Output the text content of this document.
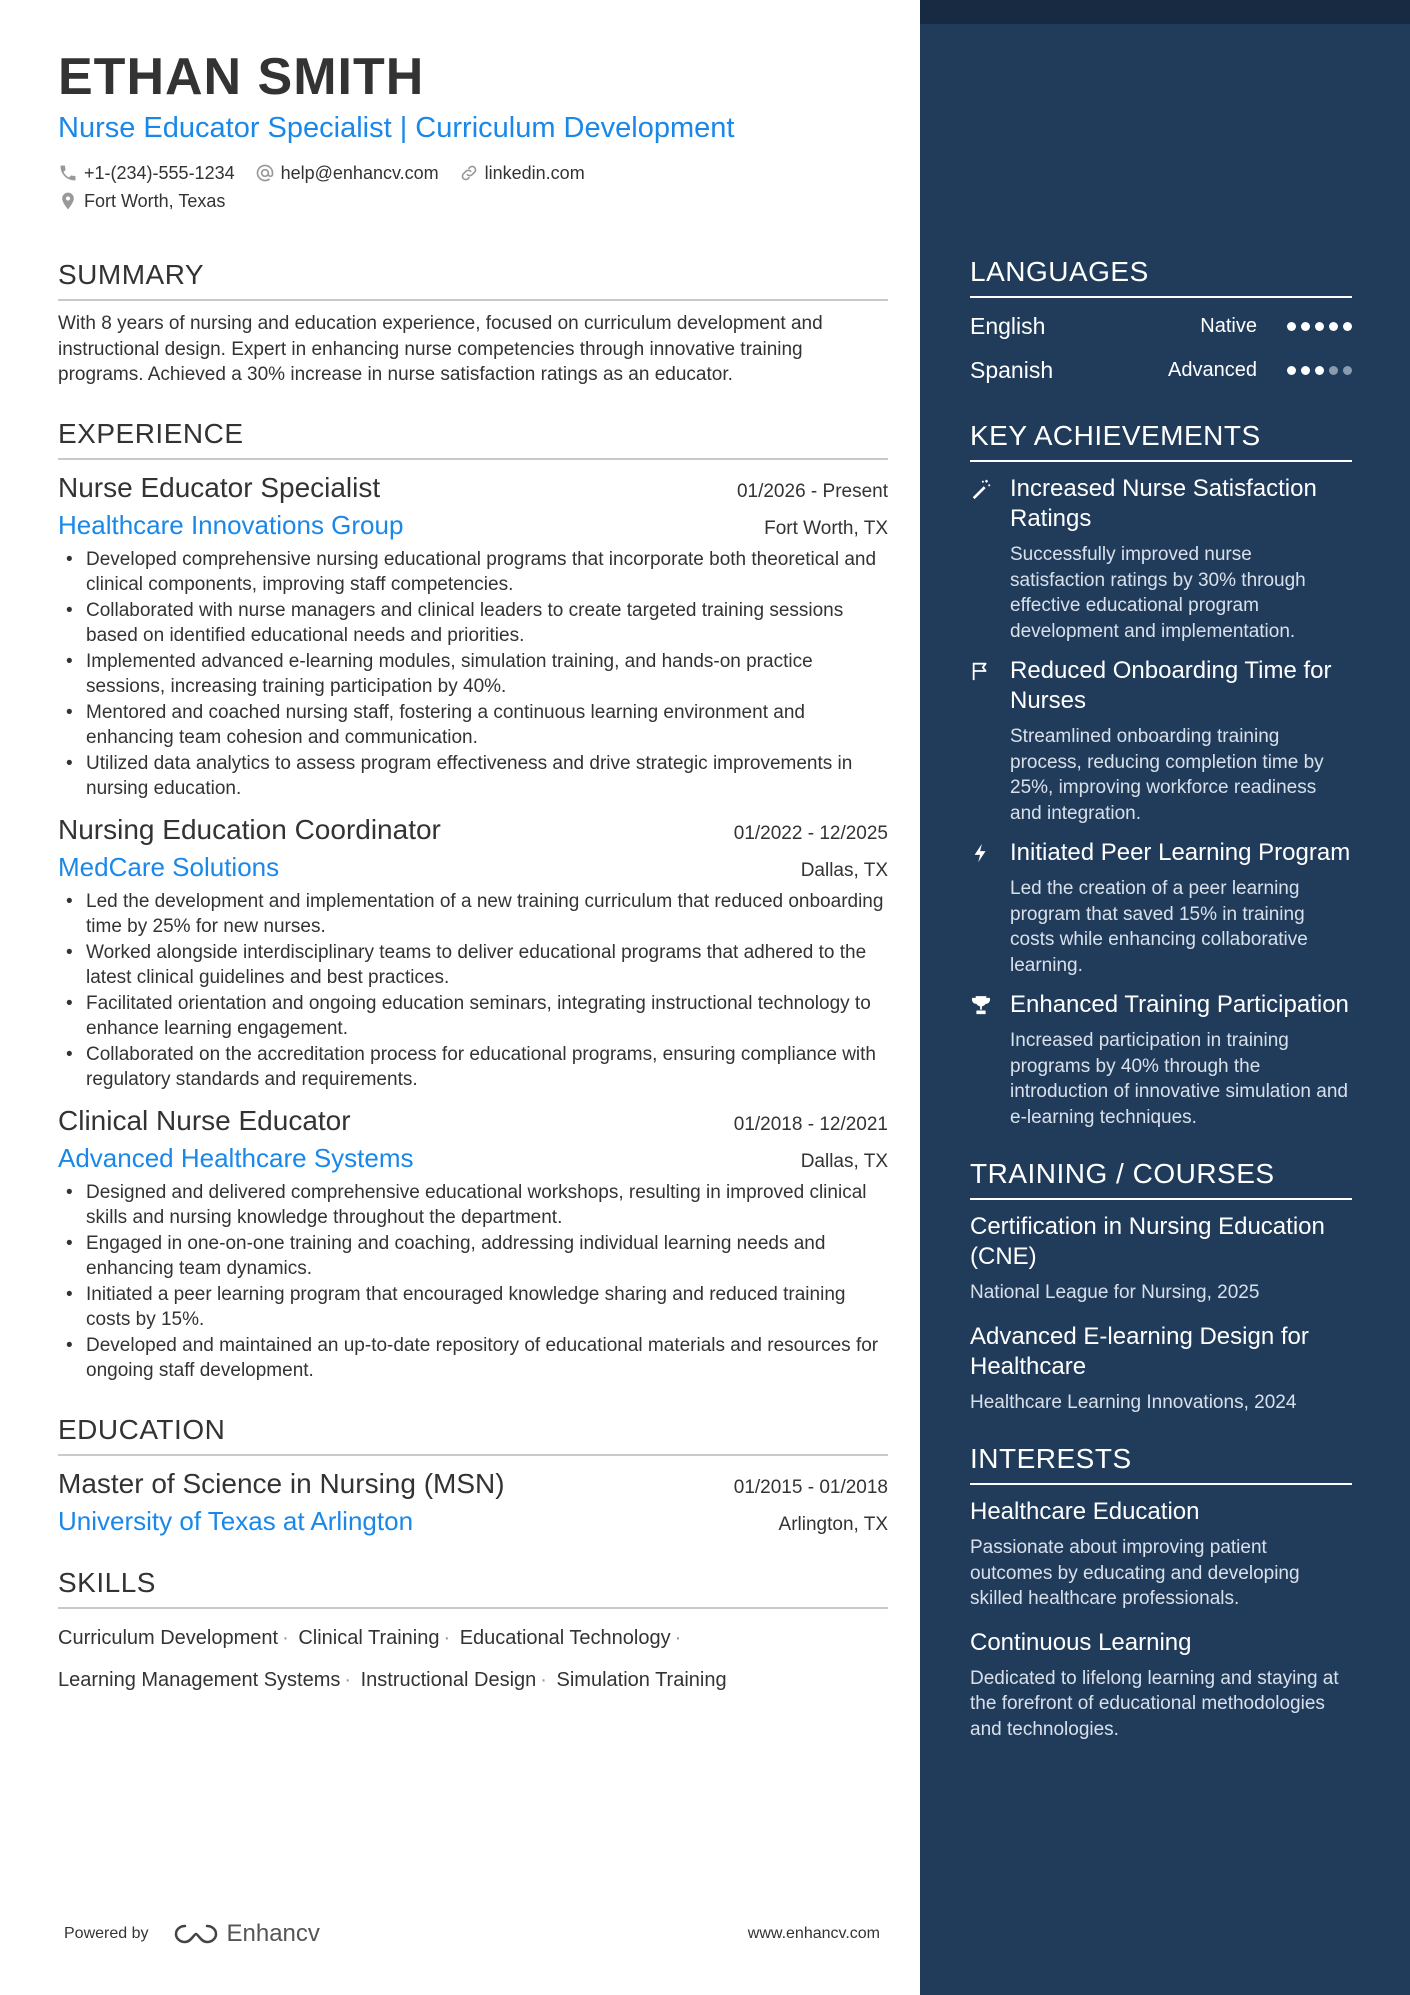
ETHAN SMITH
Nurse Educator Specialist | Curriculum Development
+1-(234)-555-1234	help@enhancv.com	linkedin.com
Fort Worth, Texas
SUMMARY
With 8 years of nursing and education experience, focused on curriculum development and instructional design. Expert in enhancing nurse competencies through innovative training programs. Achieved a 30% increase in nurse satisfaction ratings as an educator.
EXPERIENCE
Nurse Educator Specialist	01/2026 - Present
Healthcare Innovations Group	Fort Worth, TX
• Developed comprehensive nursing educational programs that incorporate both theoretical and clinical components, improving staff competencies.
• Collaborated with nurse managers and clinical leaders to create targeted training sessions based on identified educational needs and priorities.
• Implemented advanced e-learning modules, simulation training, and hands-on practice sessions, increasing training participation by 40%.
• Mentored and coached nursing staff, fostering a continuous learning environment and enhancing team cohesion and communication.
• Utilized data analytics to assess program effectiveness and drive strategic improvements in nursing education.
Nursing Education Coordinator	01/2022 - 12/2025
MedCare Solutions	Dallas, TX
• Led the development and implementation of a new training curriculum that reduced onboarding time by 25% for new nurses.
• Worked alongside interdisciplinary teams to deliver educational programs that adhered to the latest clinical guidelines and best practices.
• Facilitated orientation and ongoing education seminars, integrating instructional technology to enhance learning engagement.
• Collaborated on the accreditation process for educational programs, ensuring compliance with regulatory standards and requirements.
Clinical Nurse Educator	01/2018 - 12/2021
Advanced Healthcare Systems	Dallas, TX
• Designed and delivered comprehensive educational workshops, resulting in improved clinical skills and nursing knowledge throughout the department.
• Engaged in one-on-one training and coaching, addressing individual learning needs and enhancing team dynamics.
• Initiated a peer learning program that encouraged knowledge sharing and reduced training costs by 15%.
• Developed and maintained an up-to-date repository of educational materials and resources for ongoing staff development.
EDUCATION
Master of Science in Nursing (MSN)	01/2015 - 01/2018
University of Texas at Arlington	Arlington, TX
SKILLS
Curriculum Development · Clinical Training · Educational Technology ·
Learning Management Systems · Instructional Design · Simulation Training
Powered by	Enhancv	www.enhancv.com
LANGUAGES
English	Native
Spanish	Advanced
KEY ACHIEVEMENTS
Increased Nurse Satisfaction Ratings
Successfully improved nurse satisfaction ratings by 30% through effective educational program development and implementation.
Reduced Onboarding Time for Nurses
Streamlined onboarding training process, reducing completion time by 25%, improving workforce readiness and integration.
Initiated Peer Learning Program
Led the creation of a peer learning program that saved 15% in training costs while enhancing collaborative learning.
Enhanced Training Participation
Increased participation in training programs by 40% through the introduction of innovative simulation and e-learning techniques.
TRAINING / COURSES
Certification in Nursing Education (CNE)
National League for Nursing, 2025
Advanced E-learning Design for Healthcare
Healthcare Learning Innovations, 2024
INTERESTS
Healthcare Education
Passionate about improving patient outcomes by educating and developing skilled healthcare professionals.
Continuous Learning
Dedicated to lifelong learning and staying at the forefront of educational methodologies and technologies.
